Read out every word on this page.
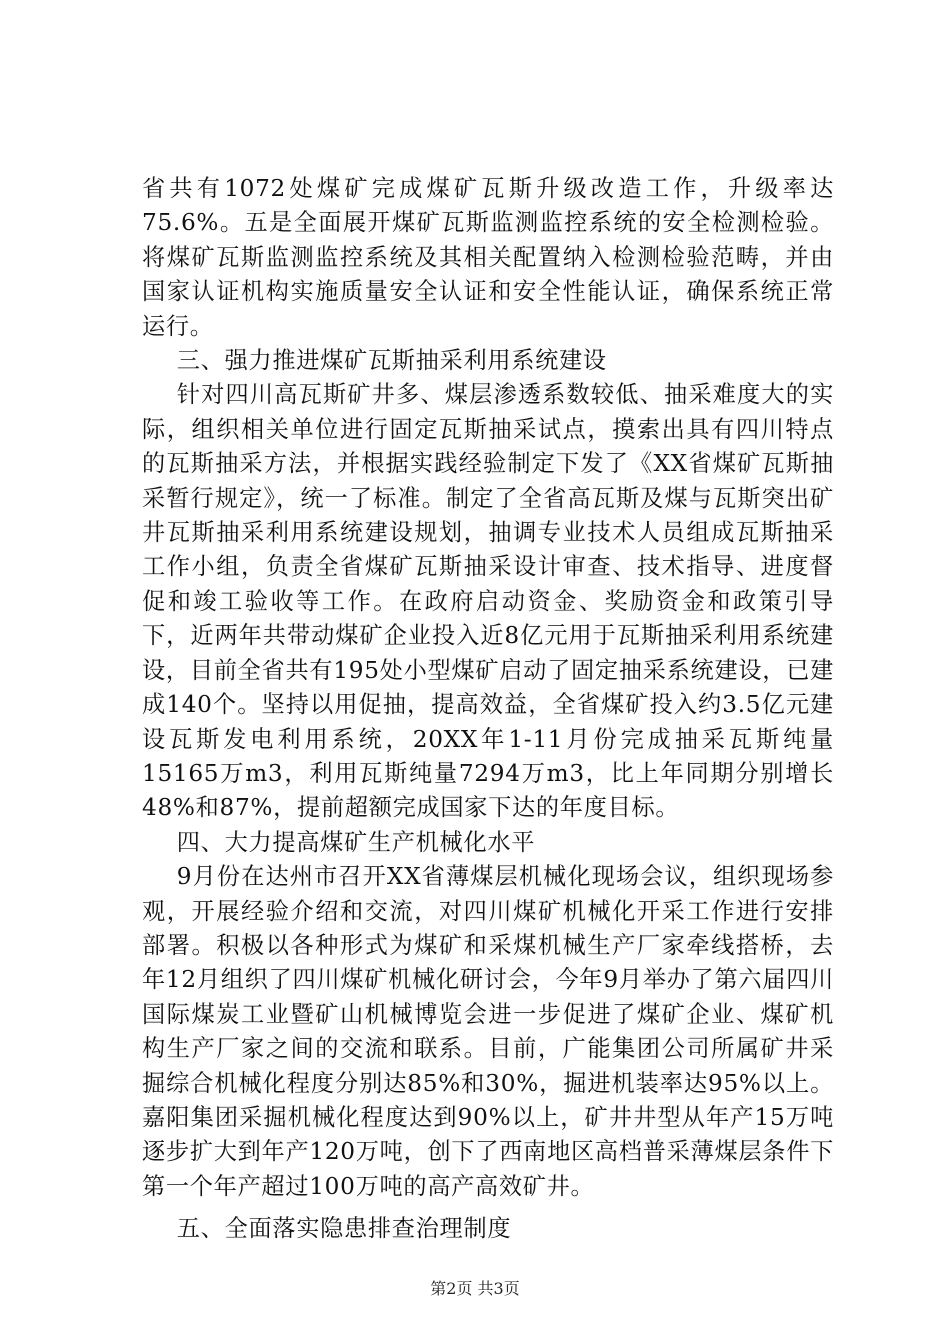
省共有1072处煤矿完成煤矿瓦斯升级改造工作，升级率达75.6%。五是全面展开煤矿瓦斯监测监控系统的安全检测检验。将煤矿瓦斯监测监控系统及其相关配置纳入检测检验范畴，并由国家认证机构实施质量安全认证和安全性能认证，确保系统正常运行。

三、强力推进煤矿瓦斯抽采利用系统建设

针对四川高瓦斯矿井多、煤层渗透系数较低、抽采难度大的实际，组织相关单位进行固定瓦斯抽采试点，摸索出具有四川特点的瓦斯抽采方法，并根据实践经验制定下发了《XX省煤矿瓦斯抽采暂行规定》，统一了标准。制定了全省高瓦斯及煤与瓦斯突出矿井瓦斯抽采利用系统建设规划，抽调专业技术人员组成瓦斯抽采工作小组，负责全省煤矿瓦斯抽采设计审查、技术指导、进度督促和竣工验收等工作。在政府启动资金、奖励资金和政策引导下，近两年共带动煤矿企业投入近8亿元用于瓦斯抽采利用系统建设，目前全省共有195处小型煤矿启动了固定抽采系统建设，已建成140个。坚持以用促抽，提高效益，全省煤矿投入约3.5亿元建设瓦斯发电利用系统，20XX年1-11月份完成抽采瓦斯纯量15165万m3，利用瓦斯纯量7294万m3，比上年同期分别增长48%和87%，提前超额完成国家下达的年度目标。

四、大力提高煤矿生产机械化水平

9月份在达州市召开XX省薄煤层机械化现场会议，组织现场参观，开展经验介绍和交流，对四川煤矿机械化开采工作进行安排部署。积极以各种形式为煤矿和采煤机械生产厂家牵线搭桥，去年12月组织了四川煤矿机械化研讨会，今年9月举办了第六届四川国际煤炭工业暨矿山机械博览会进一步促进了煤矿企业、煤矿机构生产厂家之间的交流和联系。目前，广能集团公司所属矿井采掘综合机械化程度分别达85%和30%，掘进机装率达95%以上。嘉阳集团采掘机械化程度达到90%以上，矿井井型从年产15万吨逐步扩大到年产120万吨，创下了西南地区高档普采薄煤层条件下第一个年产超过100万吨的高产高效矿井。

五、全面落实隐患排查治理制度

第2页 共3页
